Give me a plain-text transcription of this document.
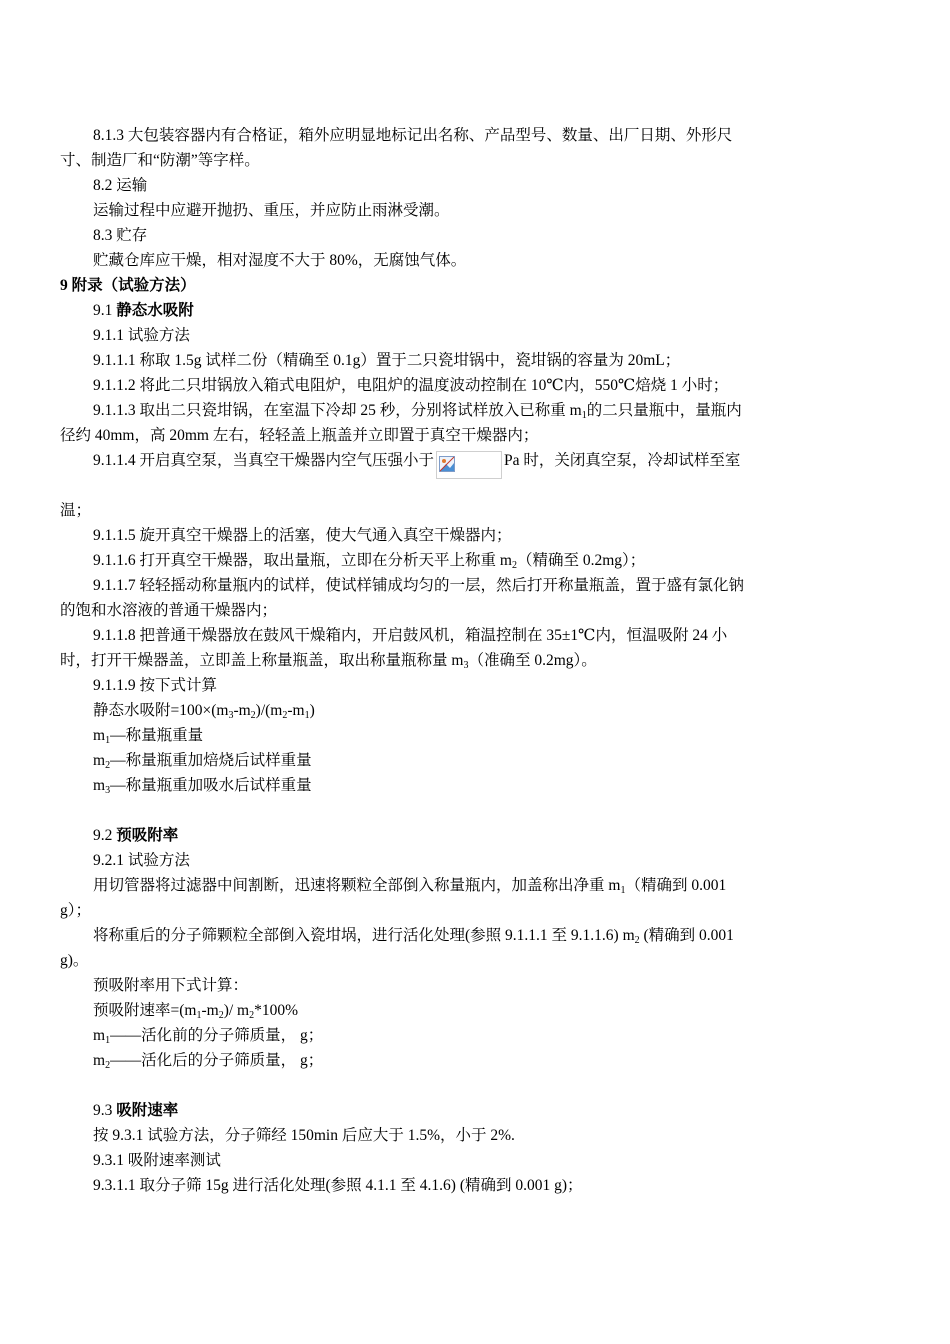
8.1.3 大包装容器内有合格证，箱外应明显地标记出名称、产品型号、数量、出厂日期、外形尺
寸、制造厂和“防潮”等字样。
8.2 运输
运输过程中应避开抛扔、重压，并应防止雨淋受潮。
8.3 贮存
贮藏仓库应干燥，相对湿度不大于 80%，无腐蚀气体。
9 附录（试验方法）
9.1 静态水吸附
9.1.1 试验方法
9.1.1.1 称取 1.5g 试样二份（精确至 0.1g）置于二只瓷坩锅中，瓷坩锅的容量为 20mL；
9.1.1.2 将此二只坩锅放入箱式电阻炉，电阻炉的温度波动控制在 10℃内，550℃焙烧 1 小时；
9.1.1.3 取出二只瓷坩锅，在室温下冷却 25 秒，分别将试样放入已称重 $m_1$的二只量瓶中，量瓶内
径约 40mm，高 20mm 左右，轻轻盖上瓶盖并立即置于真空干燥器内；
9.1.1.4 开启真空泵，当真空干燥器内空气压强小于	Pa 时，关闭真空泵，冷却试样至室
温；
9.1.1.5 旋开真空干燥器上的活塞，使大气通入真空干燥器内；
9.1.1.6 打开真空干燥器，取出量瓶，立即在分析天平上称重 $m_2$（精确至 0.2mg）；
9.1.1.7 轻轻摇动称量瓶内的试样，使试样铺成均匀的一层，然后打开称量瓶盖，置于盛有氯化钠
的饱和水溶液的普通干燥器内；
9.1.1.8 把普通干燥器放在鼓风干燥箱内，开启鼓风机，箱温控制在 35±1℃内，恒温吸附 24 小
时，打开干燥器盖，立即盖上称量瓶盖，取出称量瓶称量 $m_3$（准确至 0.2mg）。
9.1.1.9 按下式计算
静态水吸附$=100\times(m_3-m_2)/(m_2-m_1)$
$m_1—$称量瓶重量
$m_2—$称量瓶重加焙烧后试样重量
$m_3—$称量瓶重加吸水后试样重量
9.2 预吸附率
9.2.1 试验方法
用切管器将过滤器中间割断，迅速将颗粒全部倒入称量瓶内，加盖称出净重 $m_1$（精确到 0.001
g）；
将称重后的分子筛颗粒全部倒入瓷坩埚，进行活化处理(参照 9.1.1.1 至 9.1.1.6) $m_2$ (精确到 0.001
g)。
预吸附率用下式计算：
预吸附速率$=(m_1-m_2)/$ $m_2*100\%$
$m_1——$活化前的分子筛质量， g；
$m_2——$活化后的分子筛质量， g；
9.3 吸附速率
按 9.3.1 试验方法，分子筛经 150min 后应大于 1.5%，小于 2%.
9.3.1 吸附速率测试
9.3.1.1 取分子筛 15g 进行活化处理(参照 4.1.1 至 4.1.6) (精确到 0.001 g)；
